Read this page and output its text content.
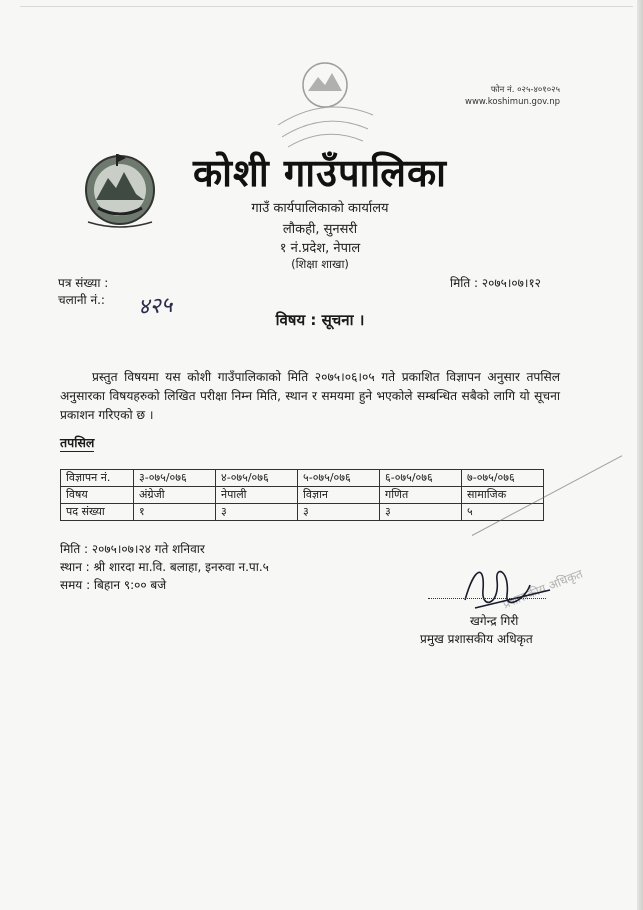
फोन नं. ०२५-४०१०२५
www.koshimun.gov.np
कोशी गाउँपालिका
गाउँ कार्यपालिकाको कार्यालय
लौकही, सुनसरी
१ नं.प्रदेश, नेपाल
(शिक्षा शाखा)
पत्र संख्या :
चलानी नं.: ४२५
मिति : २०७५।०७।१२
विषय : सूचना ।
प्रस्तुत विषयमा यस कोशी गाउँपालिकाको मिति २०७५।०६।०५ गते प्रकाशित विज्ञापन अनुसार तपसिल अनुसारका विषयहरुको लिखित परीक्षा निम्न मिति, स्थान र समयमा हुने भएकोले सम्बन्धित सबैको लागि यो सूचना प्रकाशन गरिएको छ ।
तपसिल
विज्ञापन नं.	३-०७५/०७६	४-०७५/०७६	५-०७५/०७६	६-०७५/०७६	७-०७५/०७६
विषय	अंग्रेजी	नेपाली	विज्ञान	गणित	सामाजिक
पद संख्या	१	३	३	३	५
मिति : २०७५।०७।२४ गते शनिवार
स्थान : श्री शारदा मा.वि. बलाहा, इनरुवा न.पा.५
समय : बिहान ९:०० बजे	प्रशासकीय अधिकृत
खगेन्द्र गिरी
प्रमुख प्रशासकीय अधिकृत
